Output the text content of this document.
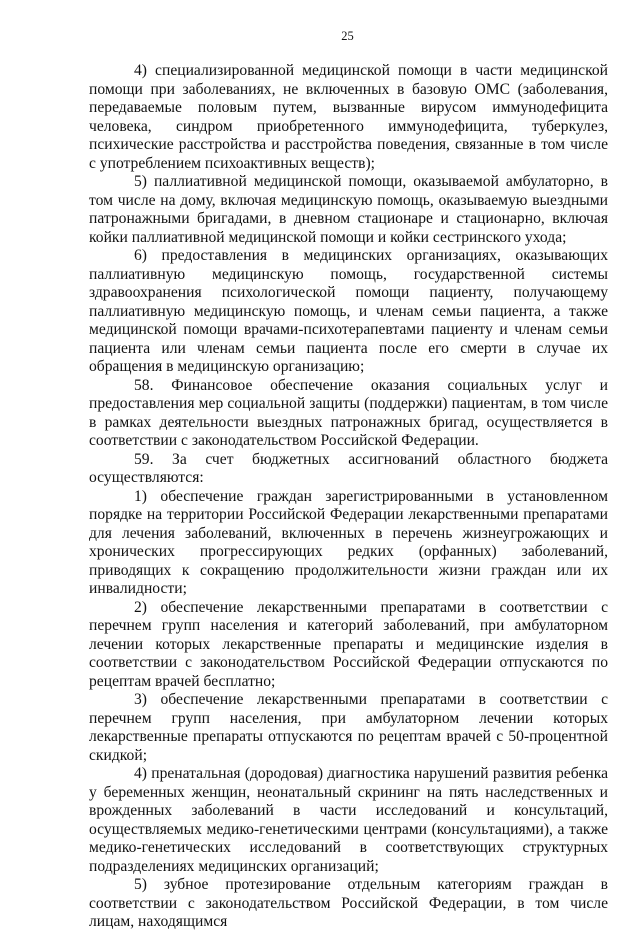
25

4) специализированной медицинской помощи в части медицинской помощи при заболеваниях, не включенных в базовую ОМС (заболевания, передаваемые половым путем, вызванные вирусом иммунодефицита человека, синдром приобретенного иммунодефицита, туберкулез, психические расстройства и расстройства поведения, связанные в том числе с употреблением психоактивных веществ);

5) паллиативной медицинской помощи, оказываемой амбулаторно, в том числе на дому, включая медицинскую помощь, оказываемую выездными патронажными бригадами, в дневном стационаре и стационарно, включая койки паллиативной медицинской помощи и койки сестринского ухода;

6) предоставления в медицинских организациях, оказывающих паллиативную медицинскую помощь, государственной системы здравоохранения психологической помощи пациенту, получающему паллиативную медицинскую помощь, и членам семьи пациента, а также медицинской помощи врачами-психотерапевтами пациенту и членам семьи пациента или членам семьи пациента после его смерти в случае их обращения в медицинскую организацию;

58. Финансовое обеспечение оказания социальных услуг и предоставления мер социальной защиты (поддержки) пациентам, в том числе в рамках деятельности выездных патронажных бригад, осуществляется в соответствии с законодательством Российской Федерации.

59. За счет бюджетных ассигнований областного бюджета осуществляются:

1) обеспечение граждан зарегистрированными в установленном порядке на территории Российской Федерации лекарственными препаратами для лечения заболеваний, включенных в перечень жизнеугрожающих и хронических прогрессирующих редких (орфанных) заболеваний, приводящих к сокращению продолжительности жизни граждан или их инвалидности;

2) обеспечение лекарственными препаратами в соответствии с перечнем групп населения и категорий заболеваний, при амбулаторном лечении которых лекарственные препараты и медицинские изделия в соответствии с законодательством Российской Федерации отпускаются по рецептам врачей бесплатно;

3) обеспечение лекарственными препаратами в соответствии с перечнем групп населения, при амбулаторном лечении которых лекарственные препараты отпускаются по рецептам врачей с 50-процентной скидкой;

4) пренатальная (дородовая) диагностика нарушений развития ребенка у беременных женщин, неонатальный скрининг на пять наследственных и врожденных заболеваний в части исследований и консультаций, осуществляемых медико-генетическими центрами (консультациями), а также медико-генетических исследований в соответствующих структурных подразделениях медицинских организаций;

5) зубное протезирование отдельным категориям граждан в соответствии с законодательством Российской Федерации, в том числе лицам, находящимся
